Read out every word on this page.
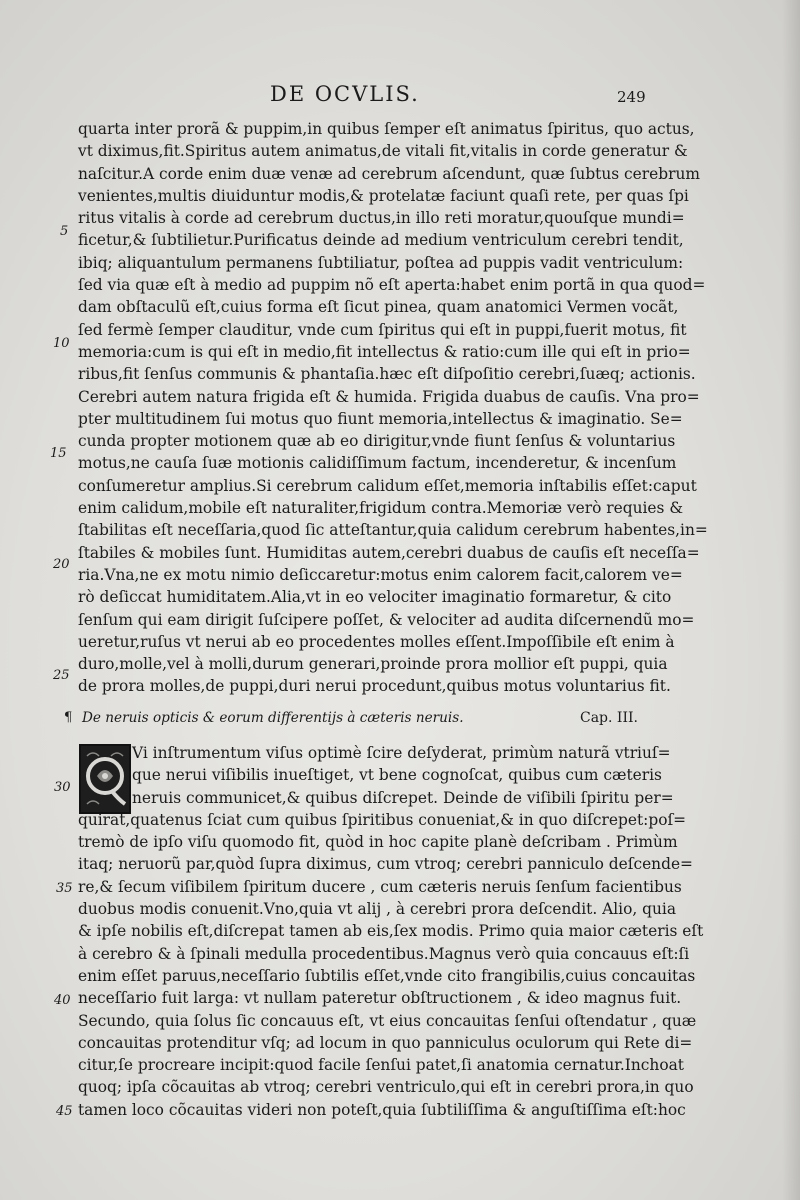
DE OCVLIS.	249
5
10
15
20
25
30
35
40
45
quarta inter prorã & puppim,in quibus ſemper eſt animatus ſpiritus, quo actus,
vt diximus,fit.Spiritus autem animatus,de vitali fit,vitalis in corde generatur &
naſcitur.A corde enim duæ venæ ad cerebrum aſcendunt, quæ ſubtus cerebrum
venientes,multis diuiduntur modis,& protelatæ faciunt quaſi rete, per quas ſpi
ritus vitalis à corde ad cerebrum ductus,in illo reti moratur,quouſque mundi=
ficetur,& ſubtilietur.Purificatus deinde ad medium ventriculum cerebri tendit,
ibiq; aliquantulum permanens ſubtiliatur, poſtea ad puppis vadit ventriculum:
ſed via quæ eſt à medio ad puppim nõ eſt aperta:habet enim portã in qua quod=
dam obſtaculũ eſt,cuius forma eſt ſicut pinea, quam anatomici Vermen vocãt,
ſed fermè ſemper clauditur, vnde cum ſpiritus qui eſt in puppi,fuerit motus, fit
memoria:cum is qui eſt in medio,fit intellectus & ratio:cum ille qui eſt in prio=
ribus,fit ſenſus communis & phantaſia.hæc eſt diſpoſitio cerebri,ſuæq; actionis.
Cerebri autem natura frigida eſt & humida. Frigida duabus de cauſis. Vna pro=
pter multitudinem ſui motus quo fiunt memoria,intellectus & imaginatio. Se=
cunda propter motionem quæ ab eo dirigitur,vnde fiunt ſenſus & voluntarius
motus,ne cauſa ſuæ motionis calidiſſimum factum, incenderetur, & incenſum
conſumeretur amplius.Si cerebrum calidum eſſet,memoria inſtabilis eſſet:caput
enim calidum,mobile eſt naturaliter,frigidum contra.Memoriæ verò requies &
ſtabilitas eſt neceſſaria,quod ſic atteſtantur,quia calidum cerebrum habentes,in=
ſtabiles & mobiles ſunt. Humiditas autem,cerebri duabus de cauſis eſt neceſſa=
ria.Vna,ne ex motu nimio deſiccaretur:motus enim calorem facit,calorem ve=
rò deſiccat humiditatem.Alia,vt in eo velociter imaginatio formaretur, & cito
ſenſum qui eam dirigit ſuſcipere poſſet, & velociter ad audita diſcernendũ mo=
ueretur,ruſus vt nerui ab eo procedentes molles eſſent.Impoſſibile eſt enim à
duro,molle,vel à molli,durum generari,proinde prora mollior eſt puppi, quia
de prora molles,de puppi,duri nerui procedunt,quibus motus voluntarius fit.
¶ De neruis opticis & eorum differentijs à cæteris neruis.	Cap. III.
Vi inſtrumentum viſus optimè ſcire deſyderat, primùm naturã vtriuſ=
que nerui viſibilis inueſtiget, vt bene cognoſcat, quibus cum cæteris
neruis communicet,& quibus diſcrepet. Deinde de viſibili ſpiritu per=
quirat,quatenus ſciat cum quibus ſpiritibus conueniat,& in quo diſcrepet:poſ=
tremò de ipſo viſu quomodo fit, quòd in hoc capite planè deſcribam . Primùm
itaq; neruorũ par,quòd ſupra diximus, cum vtroq; cerebri panniculo deſcende=
re,& ſecum viſibilem ſpiritum ducere , cum cæteris neruis ſenſum facientibus
duobus modis conuenit.Vno,quia vt alij , à cerebri prora deſcendit. Alio, quia
& ipſe nobilis eſt,diſcrepat tamen ab eis,ſex modis. Primo quia maior cæteris eſt
à cerebro & à ſpinali medulla procedentibus.Magnus verò quia concauus eſt:ſi
enim eſſet paruus,neceſſario ſubtilis eſſet,vnde cito frangibilis,cuius concauitas
neceſſario fuit larga: vt nullam pateretur obſtructionem , & ideo magnus fuit.
Secundo, quia ſolus ſic concauus eſt, vt eius concauitas ſenſui oſtendatur , quæ
concauitas protenditur vſq; ad locum in quo panniculus oculorum qui Rete di=
citur,ſe procreare incipit:quod facile ſenſui patet,ſi anatomia cernatur.Inchoat
quoq; ipſa cõcauitas ab vtroq; cerebri ventriculo,qui eſt in cerebri prora,in quo
tamen loco cõcauitas videri non poteſt,quia ſubtiliſſima & anguſtiſſima eſt:hoc
